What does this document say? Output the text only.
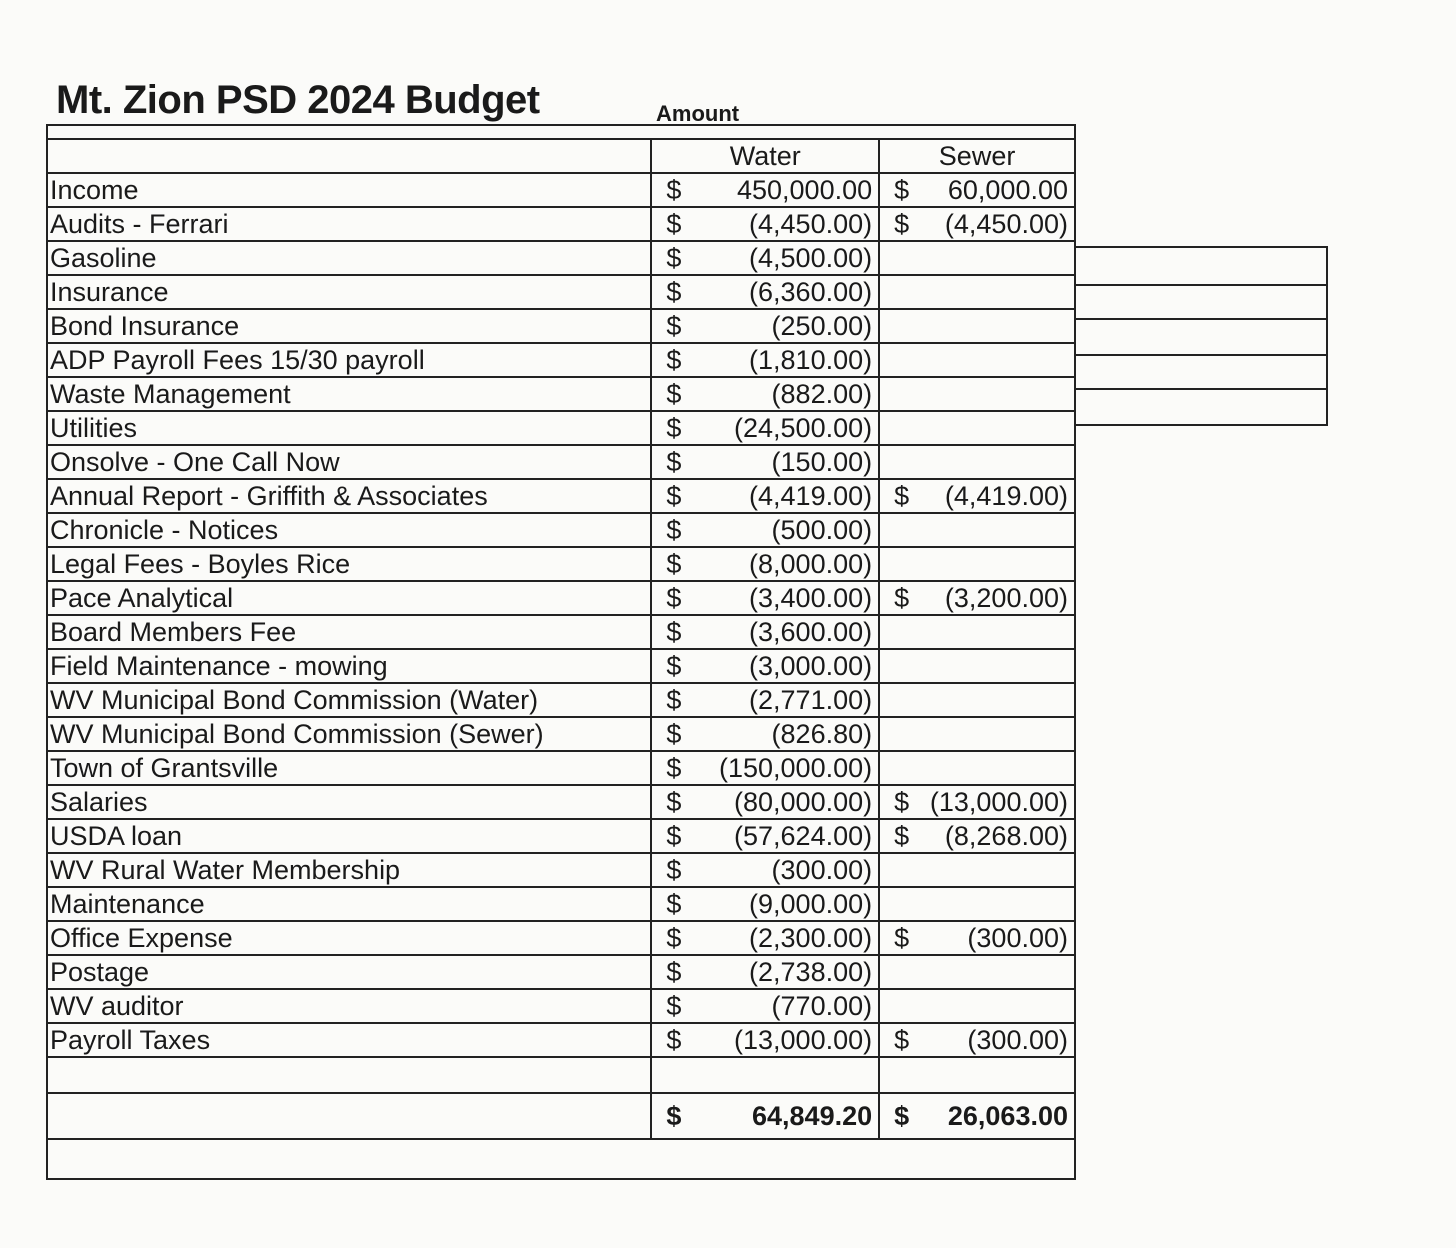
Mt. Zion PSD 2024 Budget	Amount
	Water	Sewer
Income	$ 450,000.00	$ 60,000.00

Audits - Ferrari	$ (4,450.00)	$ (4,450.00)

Gasoline	$ (4,500.00)	

Insurance	$ (6,360.00)	

Bond Insurance	$ (250.00)	

ADP Payroll Fees 15/30 payroll	$ (1,810.00)	

Waste Management	$ (882.00)	

Utilities	$ (24,500.00)	

Onsolve - One Call Now	$ (150.00)	

Annual Report - Griffith & Associates	$ (4,419.00)	$ (4,419.00)

Chronicle - Notices	$ (500.00)	

Legal Fees - Boyles Rice	$ (8,000.00)	

Pace Analytical	$ (3,400.00)	$ (3,200.00)

Board Members Fee	$ (3,600.00)	

Field Maintenance - mowing	$ (3,000.00)	

WV Municipal Bond Commission (Water)	$ (2,771.00)	

WV Municipal Bond Commission (Sewer)	$ (826.80)	

Town of Grantsville	$ (150,000.00)	

Salaries	$ (80,000.00)	$ (13,000.00)

USDA loan	$ (57,624.00)	$ (8,268.00)

WV Rural Water Membership	$ (300.00)	

Maintenance	$ (9,000.00)	

Office Expense	$ (2,300.00)	$ (300.00)

Postage	$ (2,738.00)	

WV auditor	$ (770.00)	

Payroll Taxes	$ (13,000.00)	$ (300.00)

	$ 64,849.20	$ 26,063.00
